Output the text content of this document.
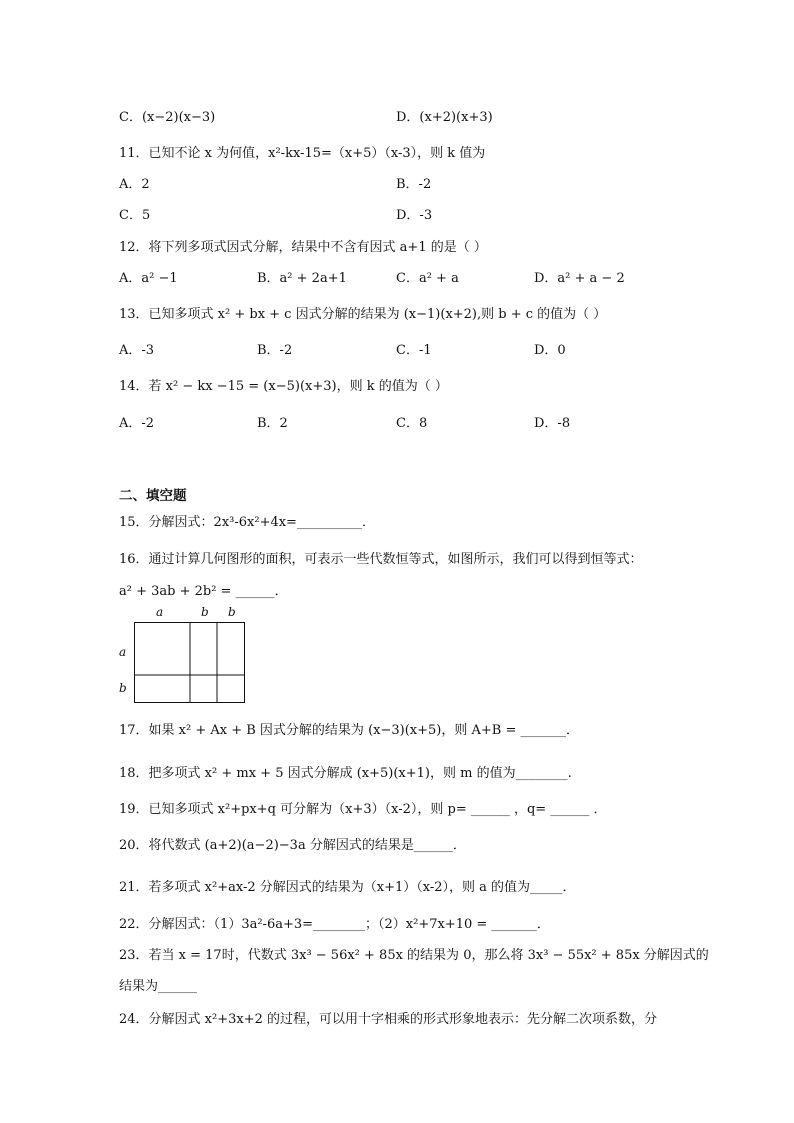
C．(x−2)(x−3)	D．(x+2)(x+3)
11．已知不论 x 为何值，x²-kx-15=（x+5）（x-3），则 k 值为
A．2	B．-2
C．5	D．-3
12．将下列多项式因式分解，结果中不含有因式 a+1 的是（ ）
A．a² −1	B．a² + 2a+1	C．a² + a	D．a² + a − 2
13．已知多项式 x² + bx + c 因式分解的结果为 (x−1)(x+2),则 b + c 的值为（ ）
A．-3	B．-2	C．-1	D．0
14．若 x² − kx −15 = (x−5)(x+3)，则 k 的值为（ ）
A．-2	B．2	C．8	D．-8
二、填空题
15．分解因式：2x³-6x²+4x=__________．
16．通过计算几何图形的面积，可表示一些代数恒等式，如图所示，我们可以得到恒等式：
a² + 3ab + 2b² = ______．
a	b b
a
b
17．如果 x² + Ax + B 因式分解的结果为 (x−3)(x+5)，则 A+B = _______．
18．把多项式 x² + mx + 5 因式分解成 (x+5)(x+1)，则 m 的值为________.
19．已知多项式 x²+px+q 可分解为（x+3）（x-2），则 p= ______ ，q= ______ ．
20．将代数式 (a+2)(a−2)−3a 分解因式的结果是______．
21．若多项式 x²+ax-2 分解因式的结果为（x+1）（x-2），则 a 的值为_____．
22．分解因式：（1）3a²-6a+3=________；（2）x²+7x+10 = _______．
23．若当 x = 17时，代数式 3x³ − 56x² + 85x 的结果为 0，那么将 3x³ − 55x² + 85x 分解因式的
结果为______
24．分解因式 x²+3x+2 的过程，可以用十字相乘的形式形象地表示：先分解二次项系数，分
